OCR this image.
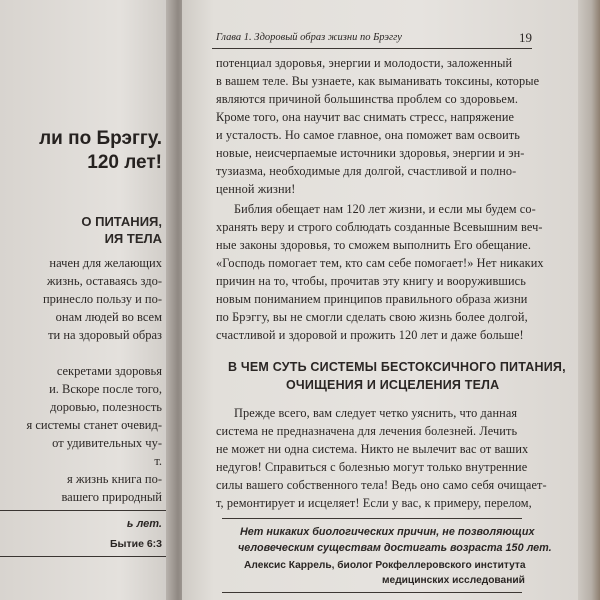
ли по Брэггу.
120 лет!
О ПИТАНИЯ,
ИЯ ТЕЛА
начен для желающих
жизнь, оставаясь здо-
принесло пользу и по-
онам людей во всем
ти на здоровый образ
секретами здоровья
и. Вскоре после того,
доровью, полезность
я системы станет очевид-
от удивительных чу-
т.
я жизнь книга по-
вашего природный
ь лет.
Бытие 6:3
Глава 1. Здоровый образ жизни по Брэггу	19
потенциал здоровья, энергии и молодости, заложенный
в вашем теле. Вы узнаете, как выманивать токсины, которые
являются причиной большинства проблем со здоровьем.
Кроме того, она научит вас снимать стресс, напряжение
и усталость. Но самое главное, она поможет вам освоить
новые, неисчерпаемые источники здоровья, энергии и эн-
тузиазма, необходимые для долгой, счастливой и полно-
ценной жизни!
Библия обещает нам 120 лет жизни, и если мы будем со-
хранять веру и строго соблюдать созданные Всевышним веч-
ные законы здоровья, то сможем выполнить Его обещание.
«Господь помогает тем, кто сам себе помогает!» Нет никаких
причин на то, чтобы, прочитав эту книгу и вооружившись
новым пониманием принципов правильного образа жизни
по Брэггу, вы не смогли сделать свою жизнь более долгой,
счастливой и здоровой и прожить 120 лет и даже больше!
В ЧЕМ СУТЬ СИСТЕМЫ БЕСТОКСИЧНОГО ПИТАНИЯ,
ОЧИЩЕНИЯ И ИСЦЕЛЕНИЯ ТЕЛА
Прежде всего, вам следует четко уяснить, что данная
система не предназначена для лечения болезней. Лечить
не может ни одна система. Никто не вылечит вас от ваших
недугов! Справиться с болезнью могут только внутренние
силы вашего собственного тела! Ведь оно само себя очищает-
т, ремонтирует и исцеляет! Если у вас, к примеру, перелом,
Нет никаких биологических причин, не позволяющих
человеческим существам достигать возраста 150 лет.
Алексис Каррель, биолог Рокфеллеровского института
медицинских исследований
